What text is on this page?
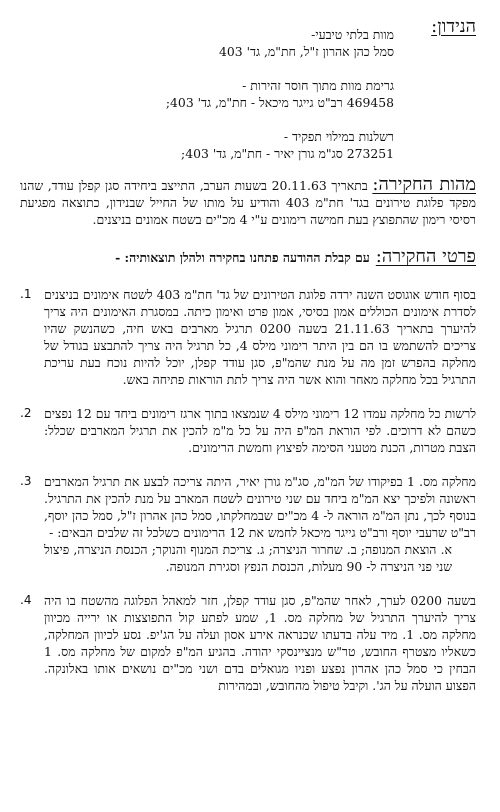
הנידון:
מוות בלתי טיבעי-
סמל כהן אהרון ז"ל, חת"מ, גד' 403
גרימת מוות מתוך חוסר זהירות -
469458 רב"ט גייגר מיכאל - חת"מ, גד' 403;
רשלנות במילוי תפקיד -
273251 סג"מ גורן יאיר - חת"מ, גד' 403;

מהות החקירה: בתאריך 20.11.63 בשעות הערב, התייצב ביחידה סגן קפלן עודד, שהנו מפקד פלוגת טירונים בגד' חת"מ 403 והודיע על מותו של החייל שבנידון, כתוצאה מפגיעת רסיסי רימון שהתפוצץ בעת חמישה רימונים ע"י 4 מכ"ים בשטח אמונים בניצנים.

פרטי החקירה:
עם קבלת ההודעה פתחנו בחקירה ולהלן תוצאותיה: -
1.	בסוף חודש אוגוסט השנה ירדה פלוגת הטירונים של גד' חת"מ 403 לשטח אימונים בניצנים לסדרת אימונים הכוללים אמון בסיסי, אמון פרט ואימון כיתה. במסגרת האימונים היה צריך להיערך בתאריך 21.11.63 בשעה 0200 תרגיל מארבים באש חיה, כשהנשק שהיו צריכים להשתמש בו הם בין היתר רימוני מילס 4, כל תרגיל היה צריך להתבצע בגודל של מחלקה בהפרש זמן מה על מנת שהמ"פ, סגן עודד קפלן, יוכל להיות נוכח בעת עריכת התרגיל בכל מחלקה מאחר והוא אשר היה צריך לתת הוראות פתיחה באש.
2.	לרשות כל מחלקה עמדו 12 רימוני מילס 4 שנמצאו בתוך ארגז רימונים ביחד עם 12 נפצים כשהם לא דרוכים. לפי הוראת המ"פ היה על כל מ"מ להכין את תרגיל המארבים שכלל: הצבת מטרות, הכנת מטעני הסימה לפיצוץ וחמשת הרימונים.
3.	מחלקה מס. 1 בפיקודו של המ"מ, סג"מ גורן יאיר, היתה צריכה לבצע את תרגיל המארבים ראשונה ולפיכך יצא המ"מ ביחד עם שני טירונים לשטח המארב על מנת להכין את התרגיל. בנוסף לכך, נתן המ"מ הוראה ל- 4 מכ"ים שבמחלקתו, סמל כהן אהרון ז"ל, סמל כהן יוסף, רב"ט שרעבי יוסף ורב"ט גייגר מיכאל לחמש את 12 הרימונים כשלכל זה שלבים הבאים: -
א. הוצאת המנופה; ב. שחרור הניצרה; ג. צריכת המנוף והנוקר; הכנסת הניצרה, פיצול שני פני הניצרה ל- 90 מעלות, הכנסת הנפץ וסגירת המנופה.
4.	בשעה 0200 לערך, לאחר שהמ"פ, סגן עודד קפלן, חזר למאהל הפלוגה מהשטח בו היה צריך להיערך התרגיל של מחלקה מס. 1, שמע לפתע קול התפוצצות או ירייה מכיוון מחלקה מס. 1. מיד עלה בדעתו שכנראה אירע אסון ועלה על הג'יפ. נסע לכיוון המחלקה, כשאליו מצטרף החובש, טר"ש מנציינסקי יהודה. בהגיע המ"פ למקום של מחלקה מס. 1 הבחין כי סמל כהן אהרון נפצע ופניו מגואלים בדם ושני מכ"ים נושאים אותו באלונקה. הפצוע הועלה על הג'. וקיבל טיפול מהחובש, ובמהירות
